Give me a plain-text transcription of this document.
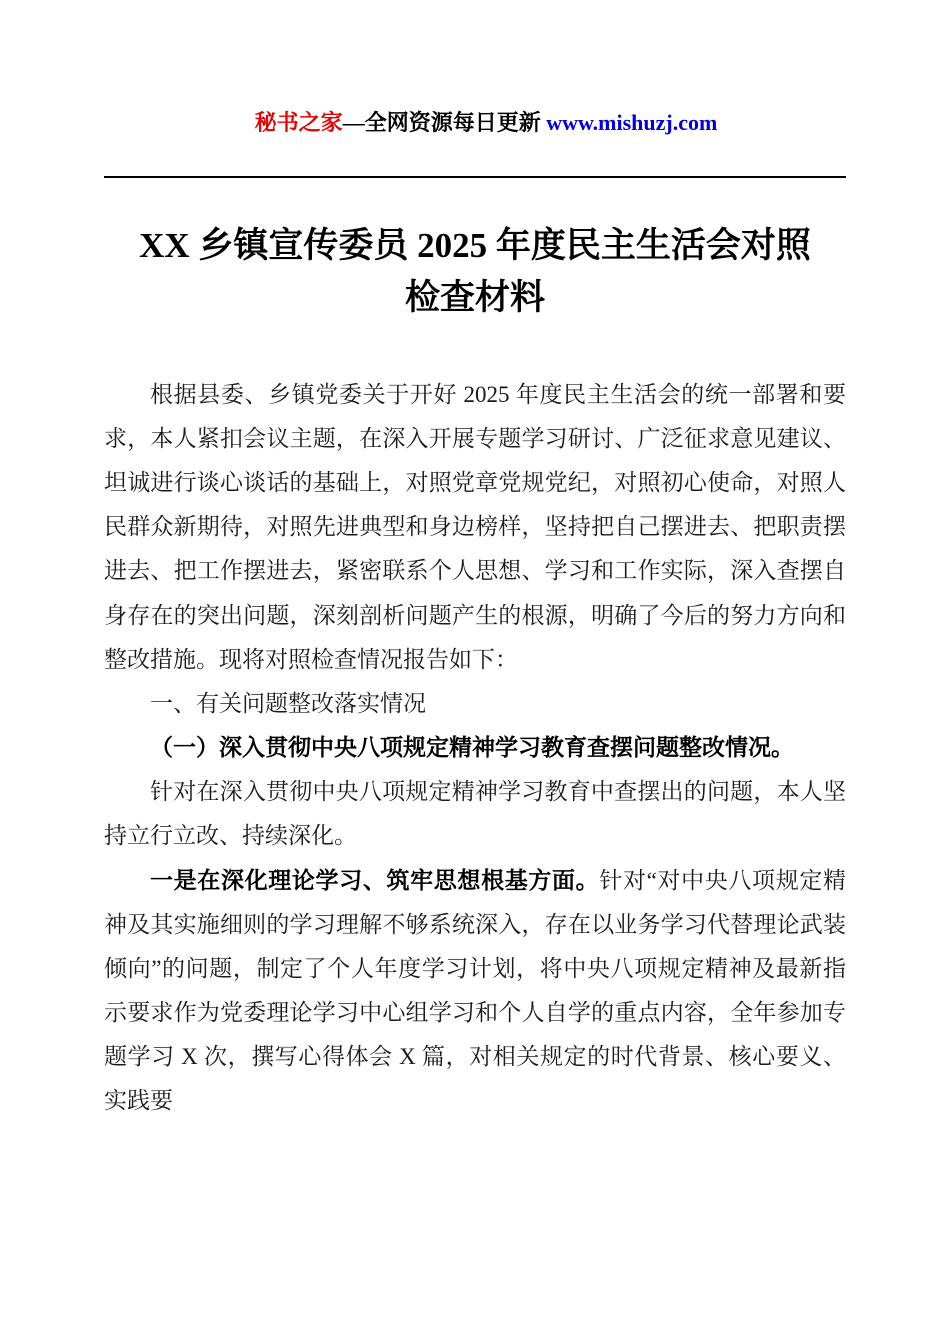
秘书之家—全网资源每日更新 www.mishuzj.com

XX 乡镇宣传委员 2025 年度民主生活会对照检查材料

根据县委、乡镇党委关于开好 2025 年度民主生活会的统一部署和要求，本人紧扣会议主题，在深入开展专题学习研讨、广泛征求意见建议、坦诚进行谈心谈话的基础上，对照党章党规党纪，对照初心使命，对照人民群众新期待，对照先进典型和身边榜样，坚持把自己摆进去、把职责摆进去、把工作摆进去，紧密联系个人思想、学习和工作实际，深入查摆自身存在的突出问题，深刻剖析问题产生的根源，明确了今后的努力方向和整改措施。现将对照检查情况报告如下：

一、有关问题整改落实情况

（一）深入贯彻中央八项规定精神学习教育查摆问题整改情况。

针对在深入贯彻中央八项规定精神学习教育中查摆出的问题，本人坚持立行立改、持续深化。

一是在深化理论学习、筑牢思想根基方面。针对“对中央八项规定精神及其实施细则的学习理解不够系统深入，存在以业务学习代替理论武装倾向”的问题，制定了个人年度学习计划，将中央八项规定精神及最新指示要求作为党委理论学习中心组学习和个人自学的重点内容，全年参加专题学习 X 次，撰写心得体会 X 篇，对相关规定的时代背景、核心要义、实践要
